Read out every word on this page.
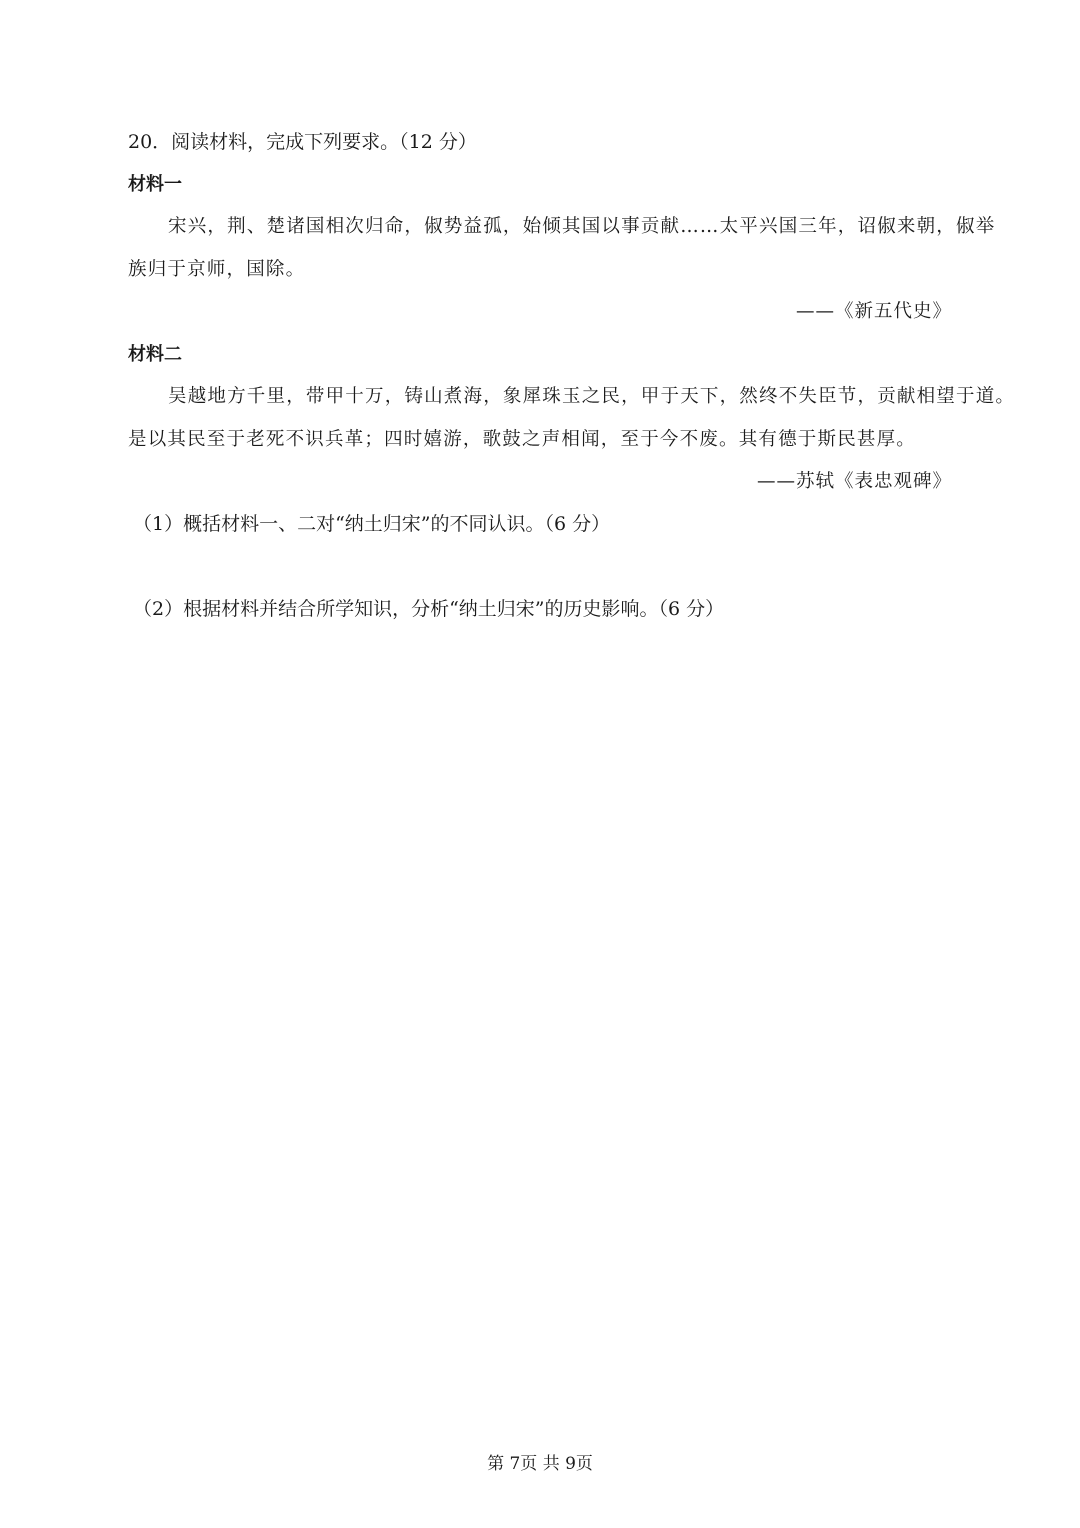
20．阅读材料，完成下列要求。（12 分）
材料一
宋兴，荆、楚诸国相次归命，俶势益孤，始倾其国以事贡献……太平兴国三年，诏俶来朝，俶举
族归于京师，国除。
——《新五代史》
材料二
吴越地方千里，带甲十万，铸山煮海，象犀珠玉之民，甲于天下，然终不失臣节，贡献相望于道。
是以其民至于老死不识兵革；四时嬉游，歌鼓之声相闻，至于今不废。其有德于斯民甚厚。
——苏轼《表忠观碑》
（1）概括材料一、二对“纳土归宋”的不同认识。（6 分）
（2）根据材料并结合所学知识，分析“纳土归宋”的历史影响。（6 分）
第 7页 共 9页
